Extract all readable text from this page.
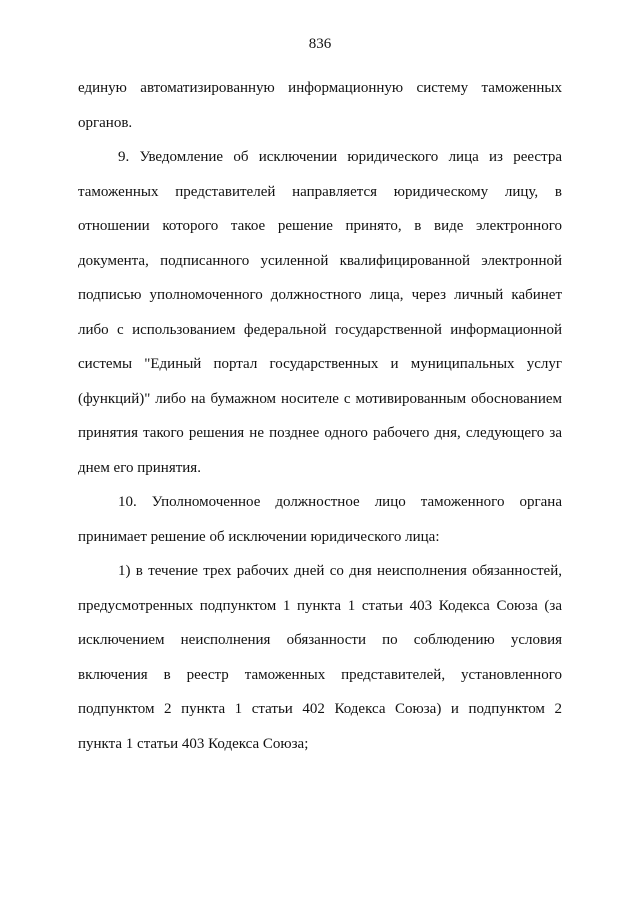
836

единую автоматизированную информационную систему таможенных
органов.

9. Уведомление об исключении юридического лица из реестра
таможенных представителей направляется юридическому лицу, в
отношении которого такое решение принято, в виде электронного
документа, подписанного усиленной квалифицированной электронной
подписью уполномоченного должностного лица, через личный кабинет
либо с использованием федеральной государственной информационной
системы "Единый портал государственных и муниципальных услуг
(функций)" либо на бумажном носителе с мотивированным обоснованием
принятия такого решения не позднее одного рабочего дня, следующего за
днем его принятия.

10. Уполномоченное должностное лицо таможенного органа
принимает решение об исключении юридического лица:

1) в течение трех рабочих дней со дня неисполнения обязанностей,
предусмотренных подпунктом 1 пункта 1 статьи 403 Кодекса Союза (за
исключением неисполнения обязанности по соблюдению условия
включения в реестр таможенных представителей, установленного
подпунктом 2 пункта 1 статьи 402 Кодекса Союза) и подпунктом 2
пункта 1 статьи 403 Кодекса Союза;
